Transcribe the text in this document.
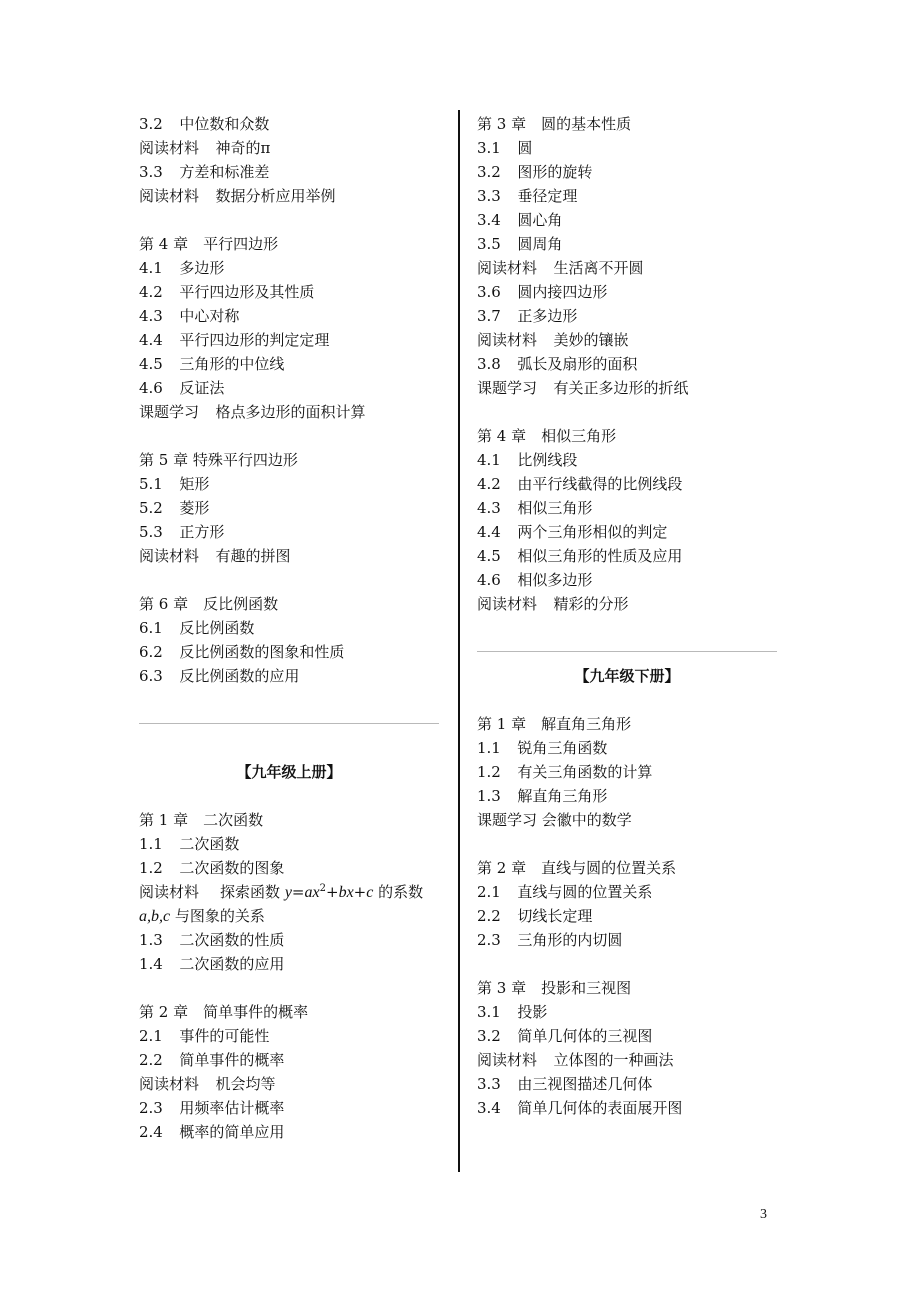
3.2 中位数和众数
阅读材料 神奇的π
3.3 方差和标准差
阅读材料 数据分析应用举例
第 4 章　平行四边形
4.1 多边形
4.2 平行四边形及其性质
4.3 中心对称
4.4 平行四边形的判定定理
4.5 三角形的中位线
4.6 反证法
课题学习 格点多边形的面积计算
第 5 章 特殊平行四边形
5.1 矩形
5.2 菱形
5.3 正方形
阅读材料 有趣的拼图
第 6 章　反比例函数
6.1 反比例函数
6.2 反比例函数的图象和性质
6.3 反比例函数的应用
【九年级上册】
第 1 章　二次函数
1.1 二次函数
1.2 二次函数的图象
阅读材料 探索函数 $y=ax^2+bx+c$ 的系数
a,b,c 与图象的关系
1.3 二次函数的性质
1.4 二次函数的应用
第 2 章　简单事件的概率
2.1 事件的可能性
2.2 简单事件的概率
阅读材料 机会均等
2.3 用频率估计概率
2.4 概率的简单应用
第 3 章　圆的基本性质
3.1 圆
3.2 图形的旋转
3.3 垂径定理
3.4 圆心角
3.5 圆周角
阅读材料 生活离不开圆
3.6 圆内接四边形
3.7 正多边形
阅读材料 美妙的镶嵌
3.8 弧长及扇形的面积
课题学习 有关正多边形的折纸
第 4 章　相似三角形
4.1 比例线段
4.2 由平行线截得的比例线段
4.3 相似三角形
4.4 两个三角形相似的判定
4.5 相似三角形的性质及应用
4.6 相似多边形
阅读材料 精彩的分形
【九年级下册】
第 1 章　解直角三角形
1.1 锐角三角函数
1.2 有关三角函数的计算
1.3 解直角三角形
课题学习 会徽中的数学
第 2 章　直线与圆的位置关系
2.1 直线与圆的位置关系
2.2 切线长定理
2.3 三角形的内切圆
第 3 章　投影和三视图
3.1 投影
3.2 简单几何体的三视图
阅读材料 立体图的一种画法
3.3 由三视图描述几何体
3.4 简单几何体的表面展开图
3
